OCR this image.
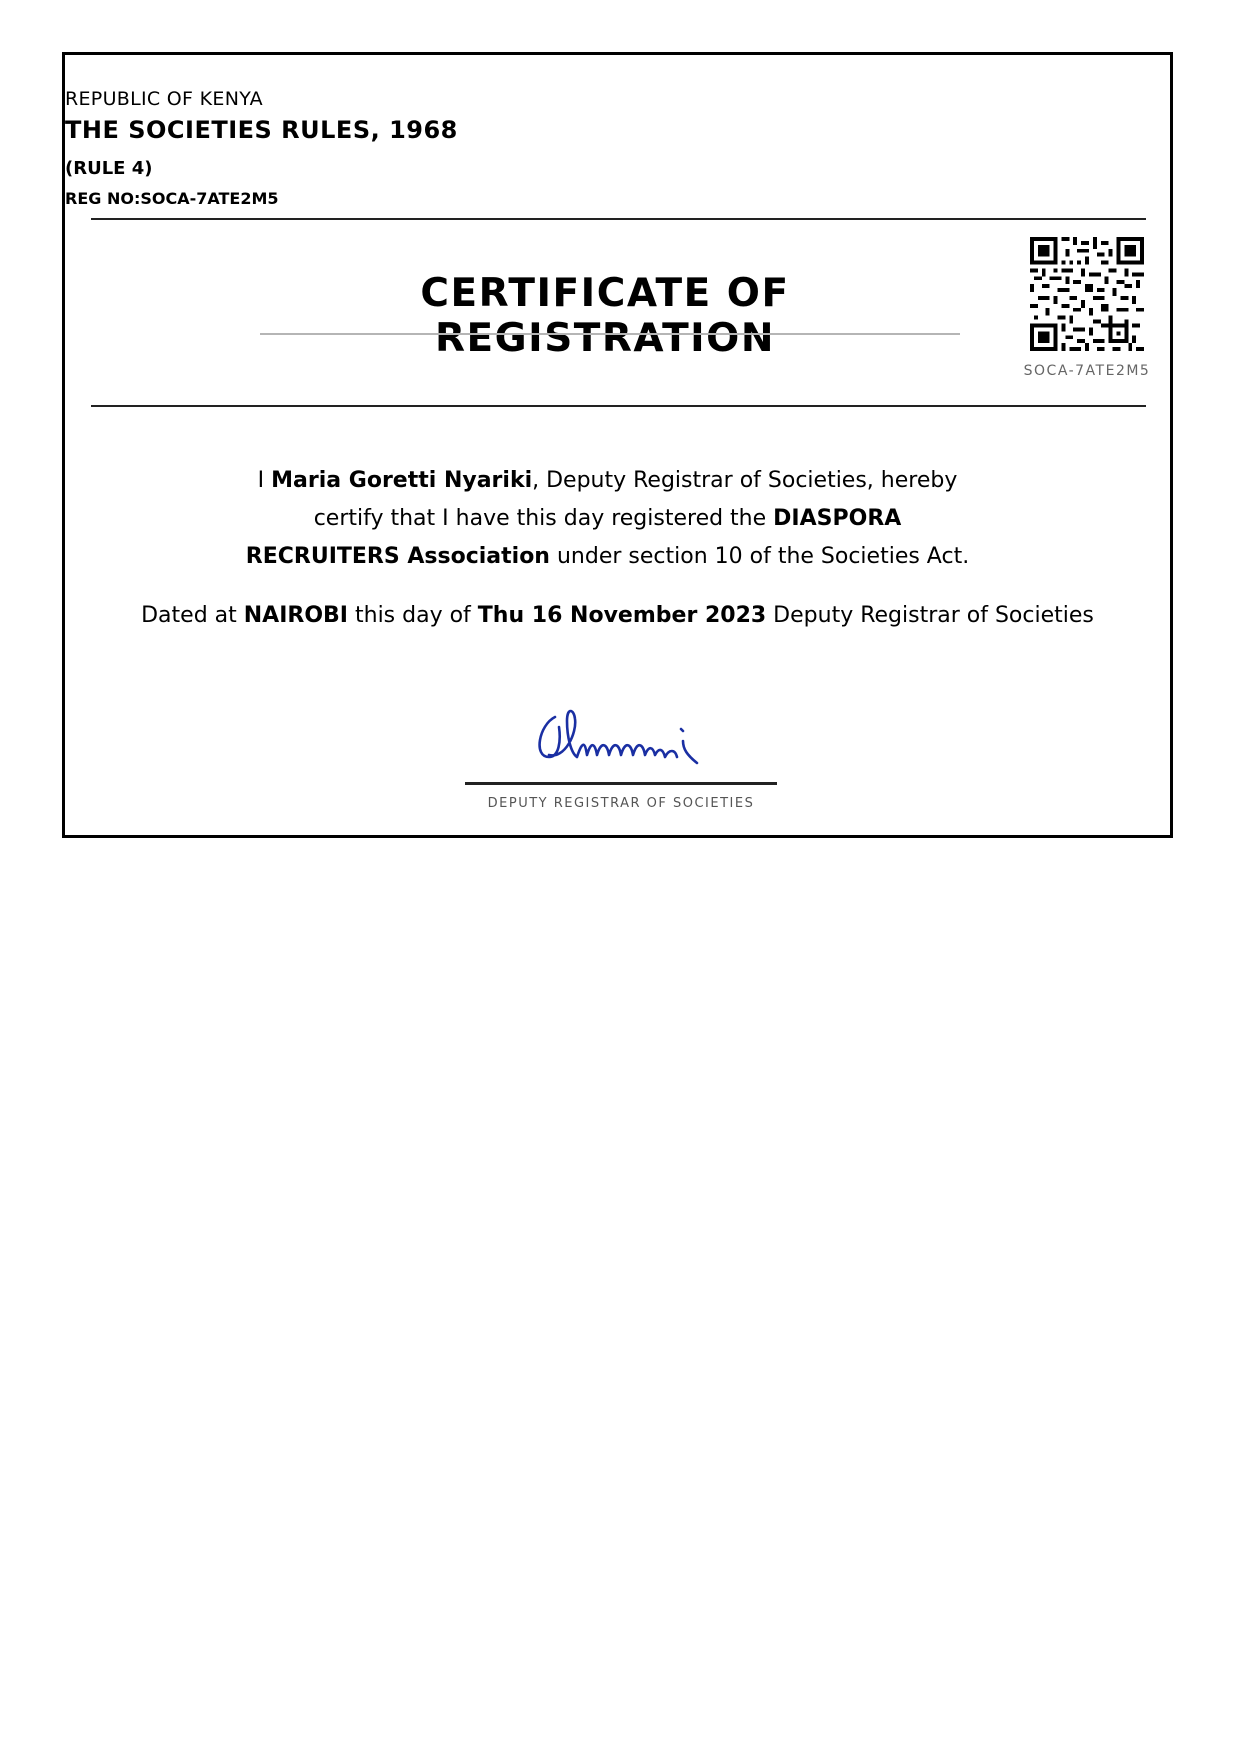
REPUBLIC OF KENYA
THE SOCIETIES RULES, 1968
(RULE 4)
REG NO:SOCA-7ATE2M5
CERTIFICATE OF REGISTRATION
SOCA-7ATE2M5
I Maria Goretti Nyariki, Deputy Registrar of Societies, hereby certify that I have this day registered the DIASPORA RECRUITERS Association under section 10 of the Societies Act.
Dated at NAIROBI this day of Thu 16 November 2023 Deputy Registrar of Societies
DEPUTY REGISTRAR OF SOCIETIES
